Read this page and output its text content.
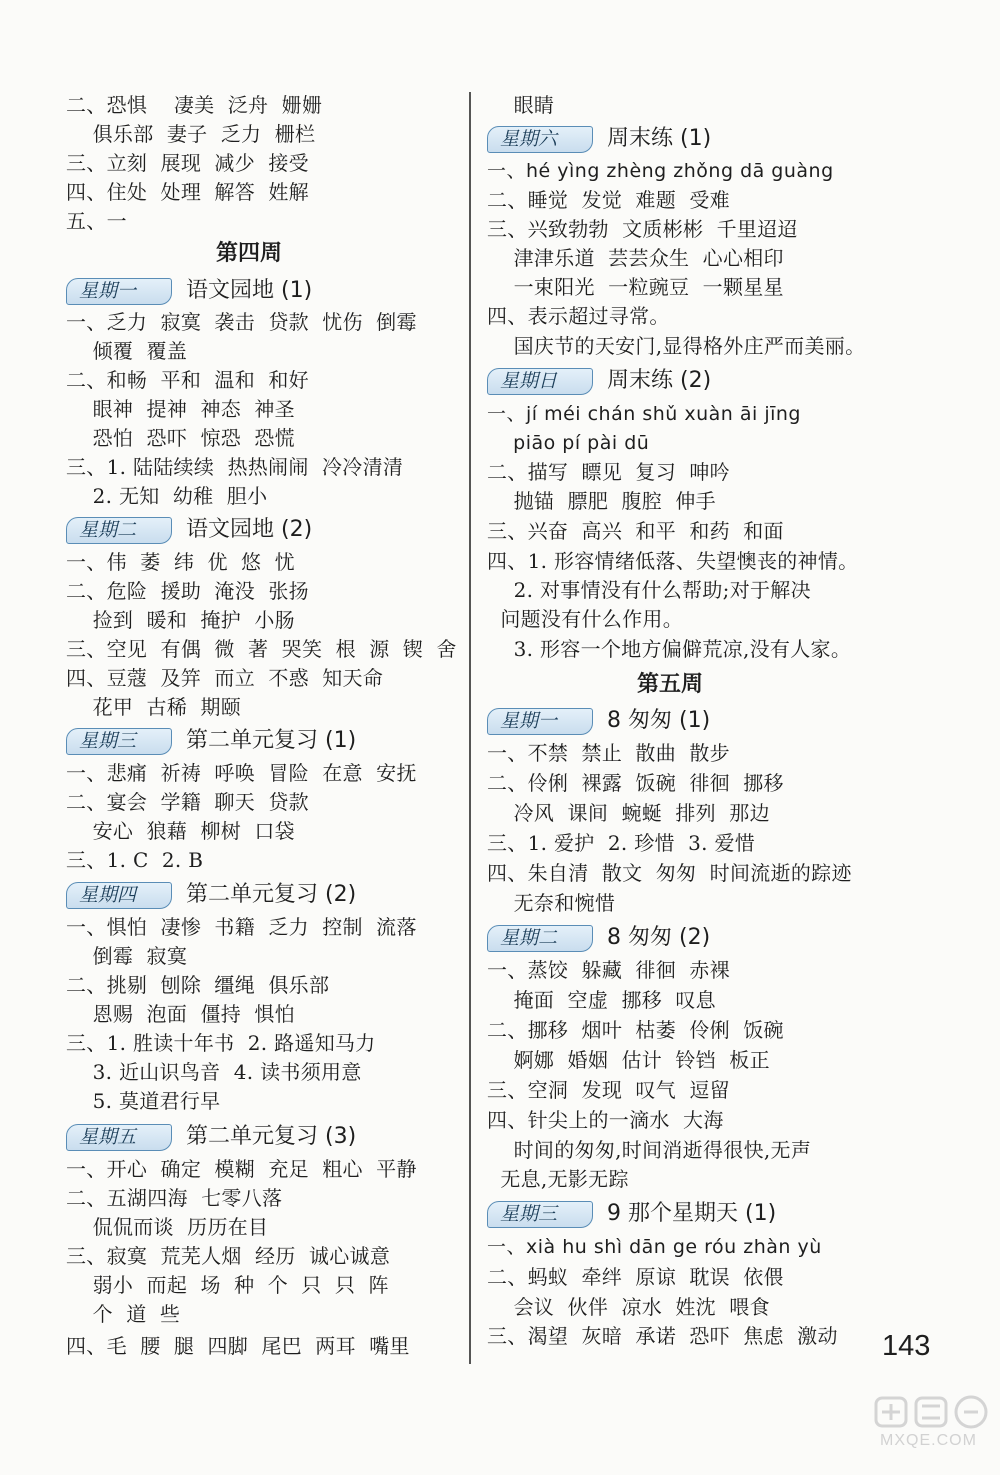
二、恐惧    凄美  泛舟  姗姗
俱乐部  妻子  乏力  栅栏
三、立刻  展现  减少  接受
四、住处  处理  解答  姓解
五、一
第四周
星期一	语文园地 (1)
一、乏力  寂寞  袭击  贷款  忧伤  倒霉
倾覆  覆盖
二、和畅  平和  温和  和好
眼神  提神  神态  神圣
恐怕  恐吓  惊恐  恐慌
三、1. 陆陆续续  热热闹闹  冷冷清清
2. 无知  幼稚  胆小
星期二	语文园地 (2)
一、伟  萎  纬  优  悠  忧
二、危险  援助  淹没  张扬
捡到  暖和  掩护  小肠
三、空见  有偶  微  著  哭笑  根  源  锲  舍
四、豆蔻  及笄  而立  不惑  知天命
花甲  古稀  期颐
星期三	第二单元复习 (1)
一、悲痛  祈祷  呼唤  冒险  在意  安抚
二、宴会  学籍  聊天  贷款
安心  狼藉  柳树  口袋
三、1. C  2. B
星期四	第二单元复习 (2)
一、惧怕  凄惨  书籍  乏力  控制  流落
倒霉  寂寞
二、挑剔  刨除  缰绳  俱乐部
恩赐  泡面  僵持  惧怕
三、1. 胜读十年书  2. 路遥知马力
3. 近山识鸟音  4. 读书须用意
5. 莫道君行早
星期五	第二单元复习 (3)
一、开心  确定  模糊  充足  粗心  平静
二、五湖四海  七零八落
侃侃而谈  历历在目
三、寂寞  荒芜人烟  经历  诚心诚意
弱小  而起  场  种  个  只  只  阵
个  道  些
四、毛  腰  腿  四脚  尾巴  两耳  嘴里
眼睛
星期六	周末练 (1)
一、hé yìng zhèng zhǒng dā guàng
二、睡觉  发觉  难题  受难
三、兴致勃勃  文质彬彬  千里迢迢
津津乐道  芸芸众生  心心相印
一束阳光  一粒豌豆  一颗星星
四、表示超过寻常。
国庆节的天安门,显得格外庄严而美丽。
星期日	周末练 (2)
一、jí méi chán shǔ xuàn āi jīng
piāo pí pài dū
二、描写  瞟见  复习  呻吟
抛锚  膘肥  腹腔  伸手
三、兴奋  高兴  和平  和药  和面
四、1. 形容情绪低落、失望懊丧的神情。
2. 对事情没有什么帮助;对于解决
问题没有什么作用。
3. 形容一个地方偏僻荒凉,没有人家。
第五周
星期一	8 匆匆 (1)
一、不禁  禁止  散曲  散步
二、伶俐  裸露  饭碗  徘徊  挪移
冷风  课间  蜿蜒  排列  那边
三、1. 爱护  2. 珍惜  3. 爱惜
四、朱自清  散文  匆匆  时间流逝的踪迹
无奈和惋惜
星期二	8 匆匆 (2)
一、蒸饺  躲藏  徘徊  赤裸
掩面  空虚  挪移  叹息
二、挪移  烟叶  枯萎  伶俐  饭碗
婀娜  婚姻  估计  铃铛  板正
三、空洞  发现  叹气  逗留
四、针尖上的一滴水  大海
时间的匆匆,时间消逝得很快,无声
无息,无影无踪
星期三	9 那个星期天 (1)
一、xià hu shì dān ge róu zhàn yù
二、蚂蚁  牵绊  原谅  耽误  依偎
会议  伙伴  凉水  姓沈  喂食
三、渴望  灰暗  承诺  恐吓  焦虑  激动 143
MXQE.COM
